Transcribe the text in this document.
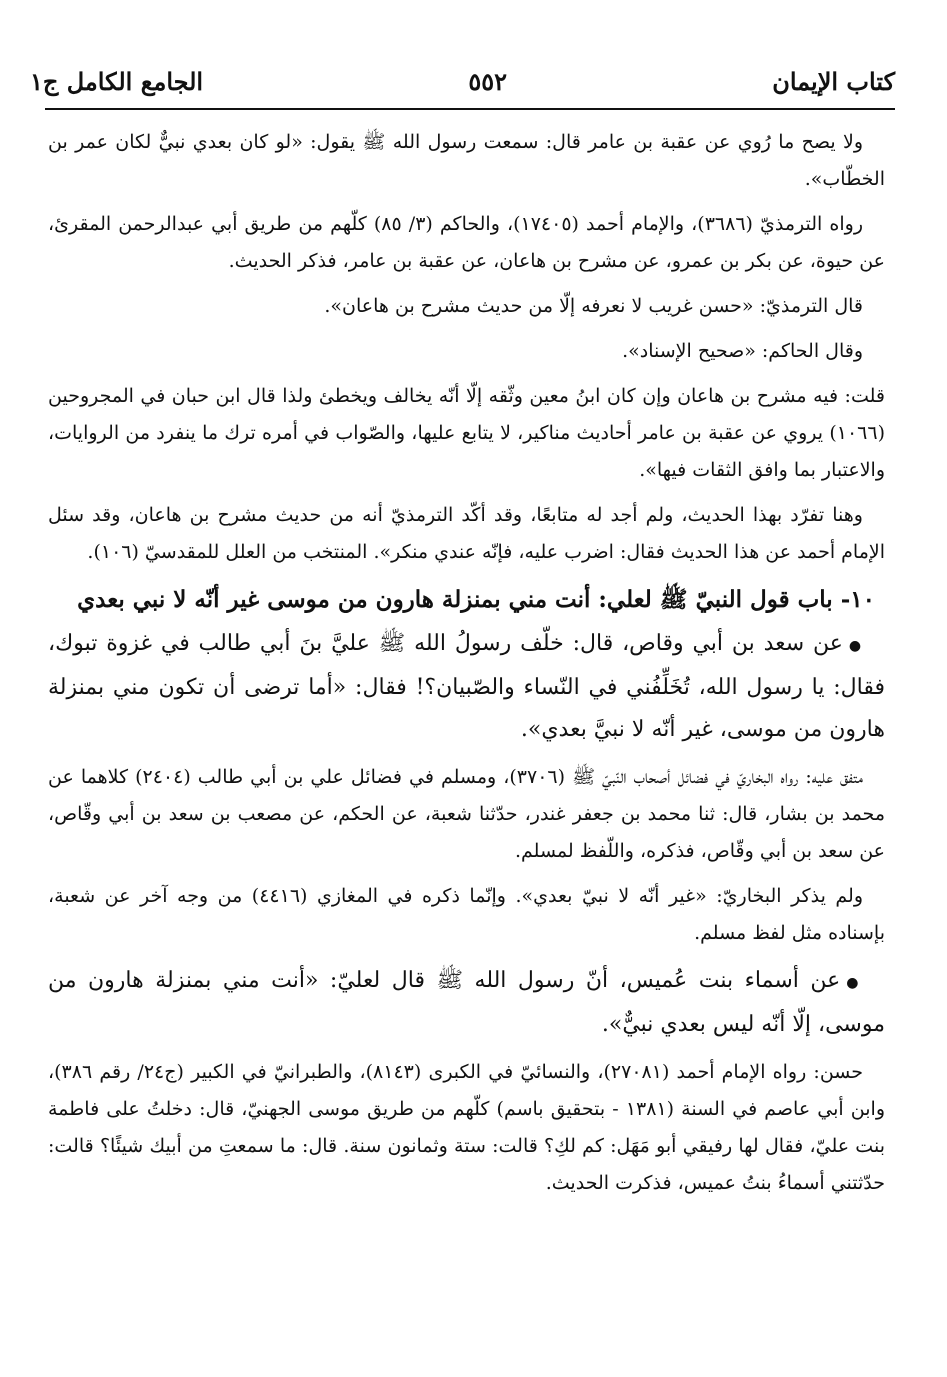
كتاب الإيمان
٥٥٢
الجامع الكامل ج١

ولا يصح ما رُوي عن عقبة بن عامر قال: سمعت رسول الله ﷺ يقول: «لو كان بعدي نبيٌّ لكان عمر بن الخطّاب».

رواه الترمذيّ (٣٦٨٦)، والإمام أحمد (١٧٤٠٥)، والحاكم (٣/ ٨٥) كلّهم من طريق أبي عبدالرحمن المقرئ، عن حيوة، عن بكر بن عمرو، عن مشرح بن هاعان، عن عقبة بن عامر، فذكر الحديث.

قال الترمذيّ: «حسن غريب لا نعرفه إلّا من حديث مشرح بن هاعان».

وقال الحاكم: «صحيح الإسناد».

قلت: فيه مشرح بن هاعان وإن كان ابنُ معين وثّقه إلّا أنّه يخالف ويخطئ ولذا قال ابن حبان في المجروحين (١٠٦٦) يروي عن عقبة بن عامر أحاديث مناكير، لا يتابع عليها، والصّواب في أمره ترك ما ينفرد من الروايات، والاعتبار بما وافق الثقات فيها».

وهنا تفرّد بهذا الحديث، ولم أجد له متابعًا، وقد أكّد الترمذيّ أنه من حديث مشرح بن هاعان، وقد سئل الإمام أحمد عن هذا الحديث فقال: اضرب عليه، فإنّه عندي منكر». المنتخب من العلل للمقدسيّ (١٠٦).

١٠- باب قول النبيّ ﷺ لعلي: أنت مني بمنزلة هارون من موسى غير أنّه لا نبي بعدي

●عن سعد بن أبي وقاص، قال: خلّف رسولُ الله ﷺ عليَّ بنَ أبي طالب في غزوة تبوك، فقال: يا رسول الله، تُخَلِّفُني في النّساء والصّبيان؟! فقال: «أما ترضى أن تكون مني بمنزلة هارون من موسى، غير أنّه لا نبيَّ بعدي».

متفق عليه: رواه البخاريّ في فضائل أصحاب النّبيّ ﷺ (٣٧٠٦)، ومسلم في فضائل علي بن أبي طالب (٢٤٠٤) كلاهما عن محمد بن بشار، قال: ثنا محمد بن جعفر غندر، حدّثنا شعبة، عن الحكم، عن مصعب بن سعد بن أبي وقّاص، عن سعد بن أبي وقّاص، فذكره، واللّفظ لمسلم.

ولم يذكر البخاريّ: «غير أنّه لا نبيّ بعدي». وإنّما ذكره في المغازي (٤٤١٦) من وجه آخر عن شعبة، بإسناده مثل لفظ مسلم.

●عن أسماء بنت عُميس، أنّ رسول الله ﷺ قال لعليّ: «أنت مني بمنزلة هارون من موسى، إلّا أنّه ليس بعدي نبيٌّ».

حسن: رواه الإمام أحمد (٢٧٠٨١)، والنسائيّ في الكبرى (٨١٤٣)، والطبرانيّ في الكبير (ج٢٤/ رقم ٣٨٦)، وابن أبي عاصم في السنة (١٣٨١ - بتحقيق باسم) كلّهم من طريق موسى الجهنيّ، قال: دخلتُ على فاطمة بنت عليّ، فقال لها رفيقي أبو مَهَل: كم لكِ؟ قالت: ستة وثمانون سنة. قال: ما سمعتِ من أبيك شيئًا؟ قالت: حدّثتني أسماءُ بنتُ عميس، فذكرت الحديث.
